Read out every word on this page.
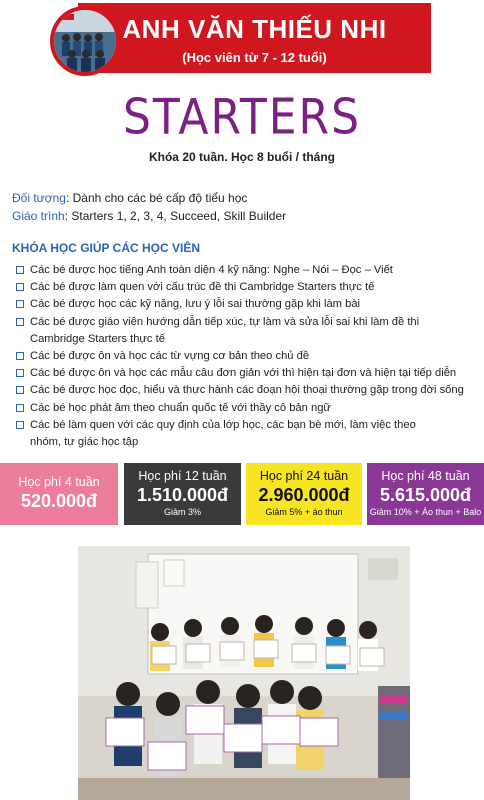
ANH VĂN THIẾU NHI
(Học viên từ 7 - 12 tuổi)
STARTERS
Khóa 20 tuần. Học 8 buổi / tháng
Đối tượng: Dành cho các bé cấp độ tiểu học
Giáo trình: Starters 1, 2, 3, 4, Succeed, Skill Builder
KHÓA HỌC GIÚP CÁC HỌC VIÊN
Các bé được học tiếng Anh toàn diện 4 kỹ năng: Nghe – Nói – Đọc – Viết
Các bé được làm quen với cấu trúc đề thi Cambridge Starters thực tế
Các bé được học các kỹ năng, lưu ý lỗi sai thường gặp khi làm bài
Các bé được giáo viên hướng dẫn tiếp xúc, tự làm và sửa lỗi sai khi làm đề thi Cambridge Starters thực tế
Các bé được ôn và học các từ vựng cơ bản theo chủ đề
Các bé được ôn và học các mẫu câu đơn giản với thì hiện tại đơn và hiện tại tiếp diễn
Các bé được học đọc, hiểu và thực hành các đoạn hội thoại thường gặp trong đời sống
Các bé học phát âm theo chuẩn quốc tế với thầy cô bản ngữ
Các bé làm quen với các quy định của lớp học, các bạn bè mới, làm việc theo nhóm, tự giác học tập
Học phí 4 tuần
520.000đ
Học phí 12 tuần
1.510.000đ
Giảm 3%
Học phí 24 tuần
2.960.000đ
Giảm 5% + áo thun
Học phí 48 tuần
5.615.000đ
Giảm 10% + Áo thun + Balo
